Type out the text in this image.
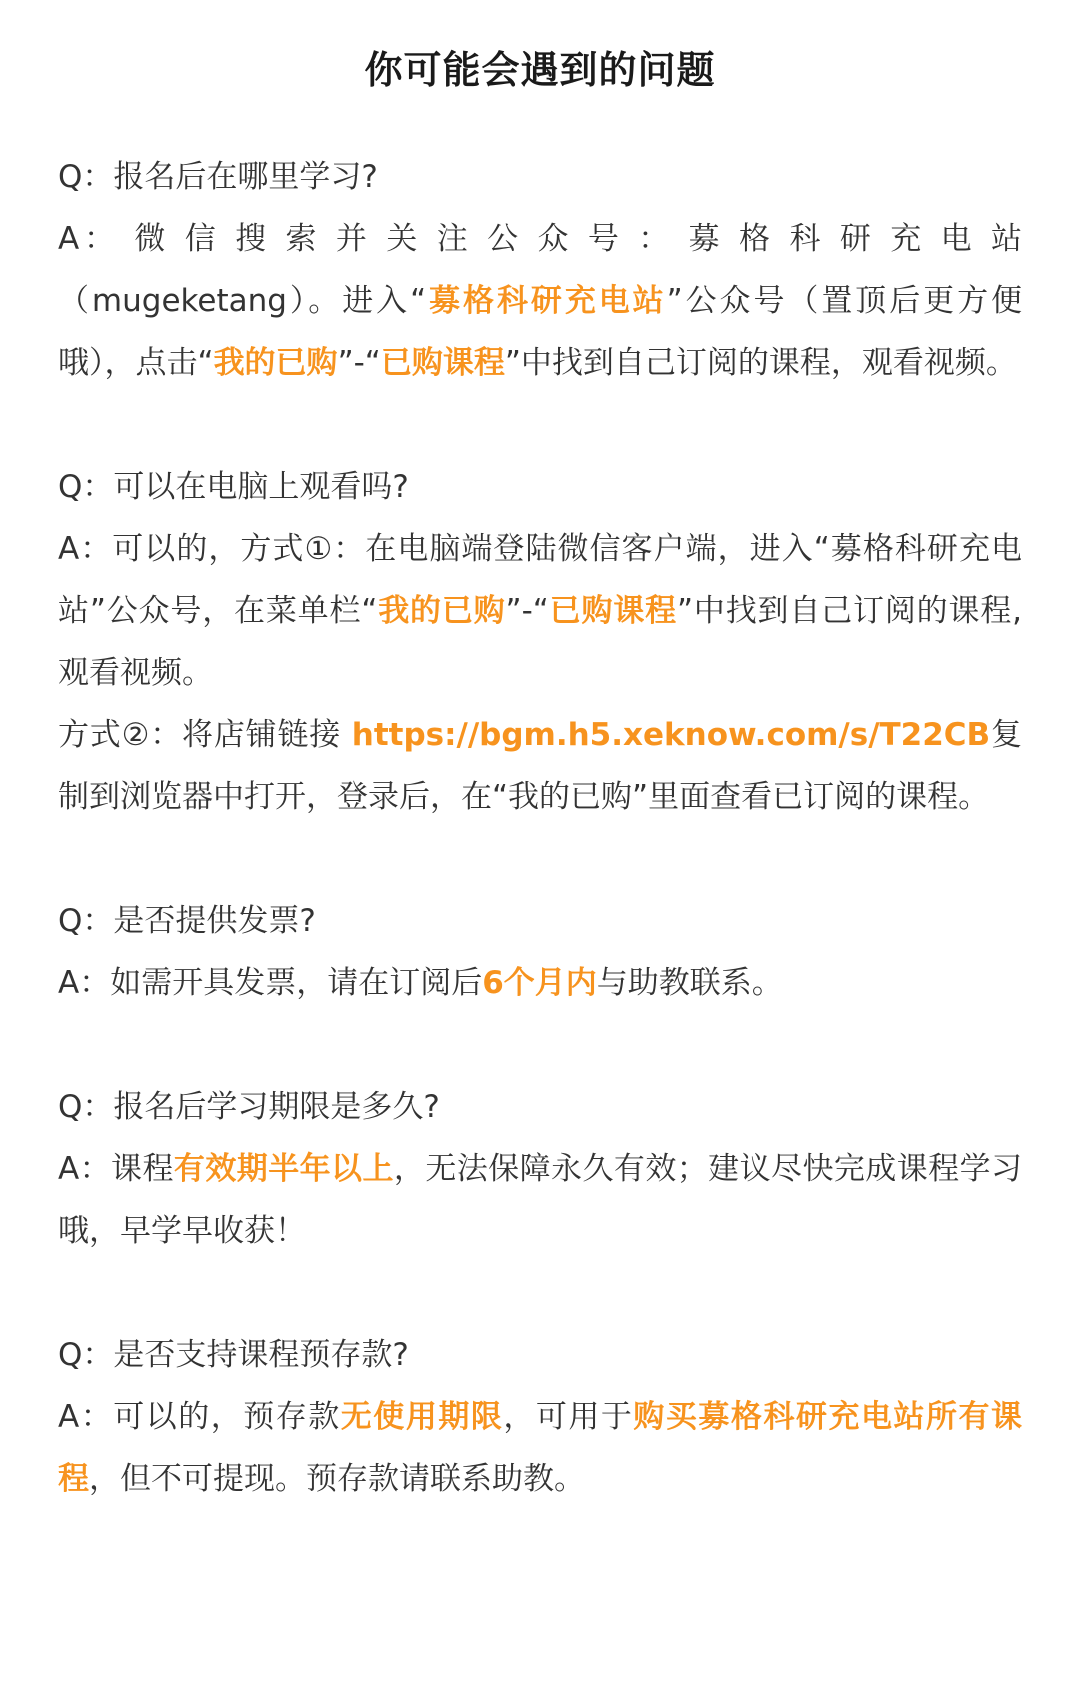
你可能会遇到的问题

Q：报名后在哪里学习?

A： 微 信 搜 索 并 关 注 公 众 号 ： 募 格 科 研 充 电 站 （mugeketang）。进入“募格科研充电站”公众号（置顶后更方便哦），点击“我的已购”-“已购课程”中找到自己订阅的课程，观看视频。

Q：可以在电脑上观看吗?

A：可以的，方式①：在电脑端登陆微信客户端，进入“募格科研充电站”公众号，在菜单栏“我的已购”-“已购课程”中找到自己订阅的课程,观看视频。

方式②：将店铺链接 https://bgm.h5.xeknow.com/s/T22CB复制到浏览器中打开，登录后，在“我的已购”里面查看已订阅的课程。

Q：是否提供发票?

A：如需开具发票，请在订阅后6个月内与助教联系。

Q：报名后学习期限是多久?

A：课程有效期半年以上，无法保障永久有效；建议尽快完成课程学习哦，早学早收获！

Q：是否支持课程预存款?

A：可以的，预存款无使用期限，可用于购买募格科研充电站所有课程，但不可提现。预存款请联系助教。
